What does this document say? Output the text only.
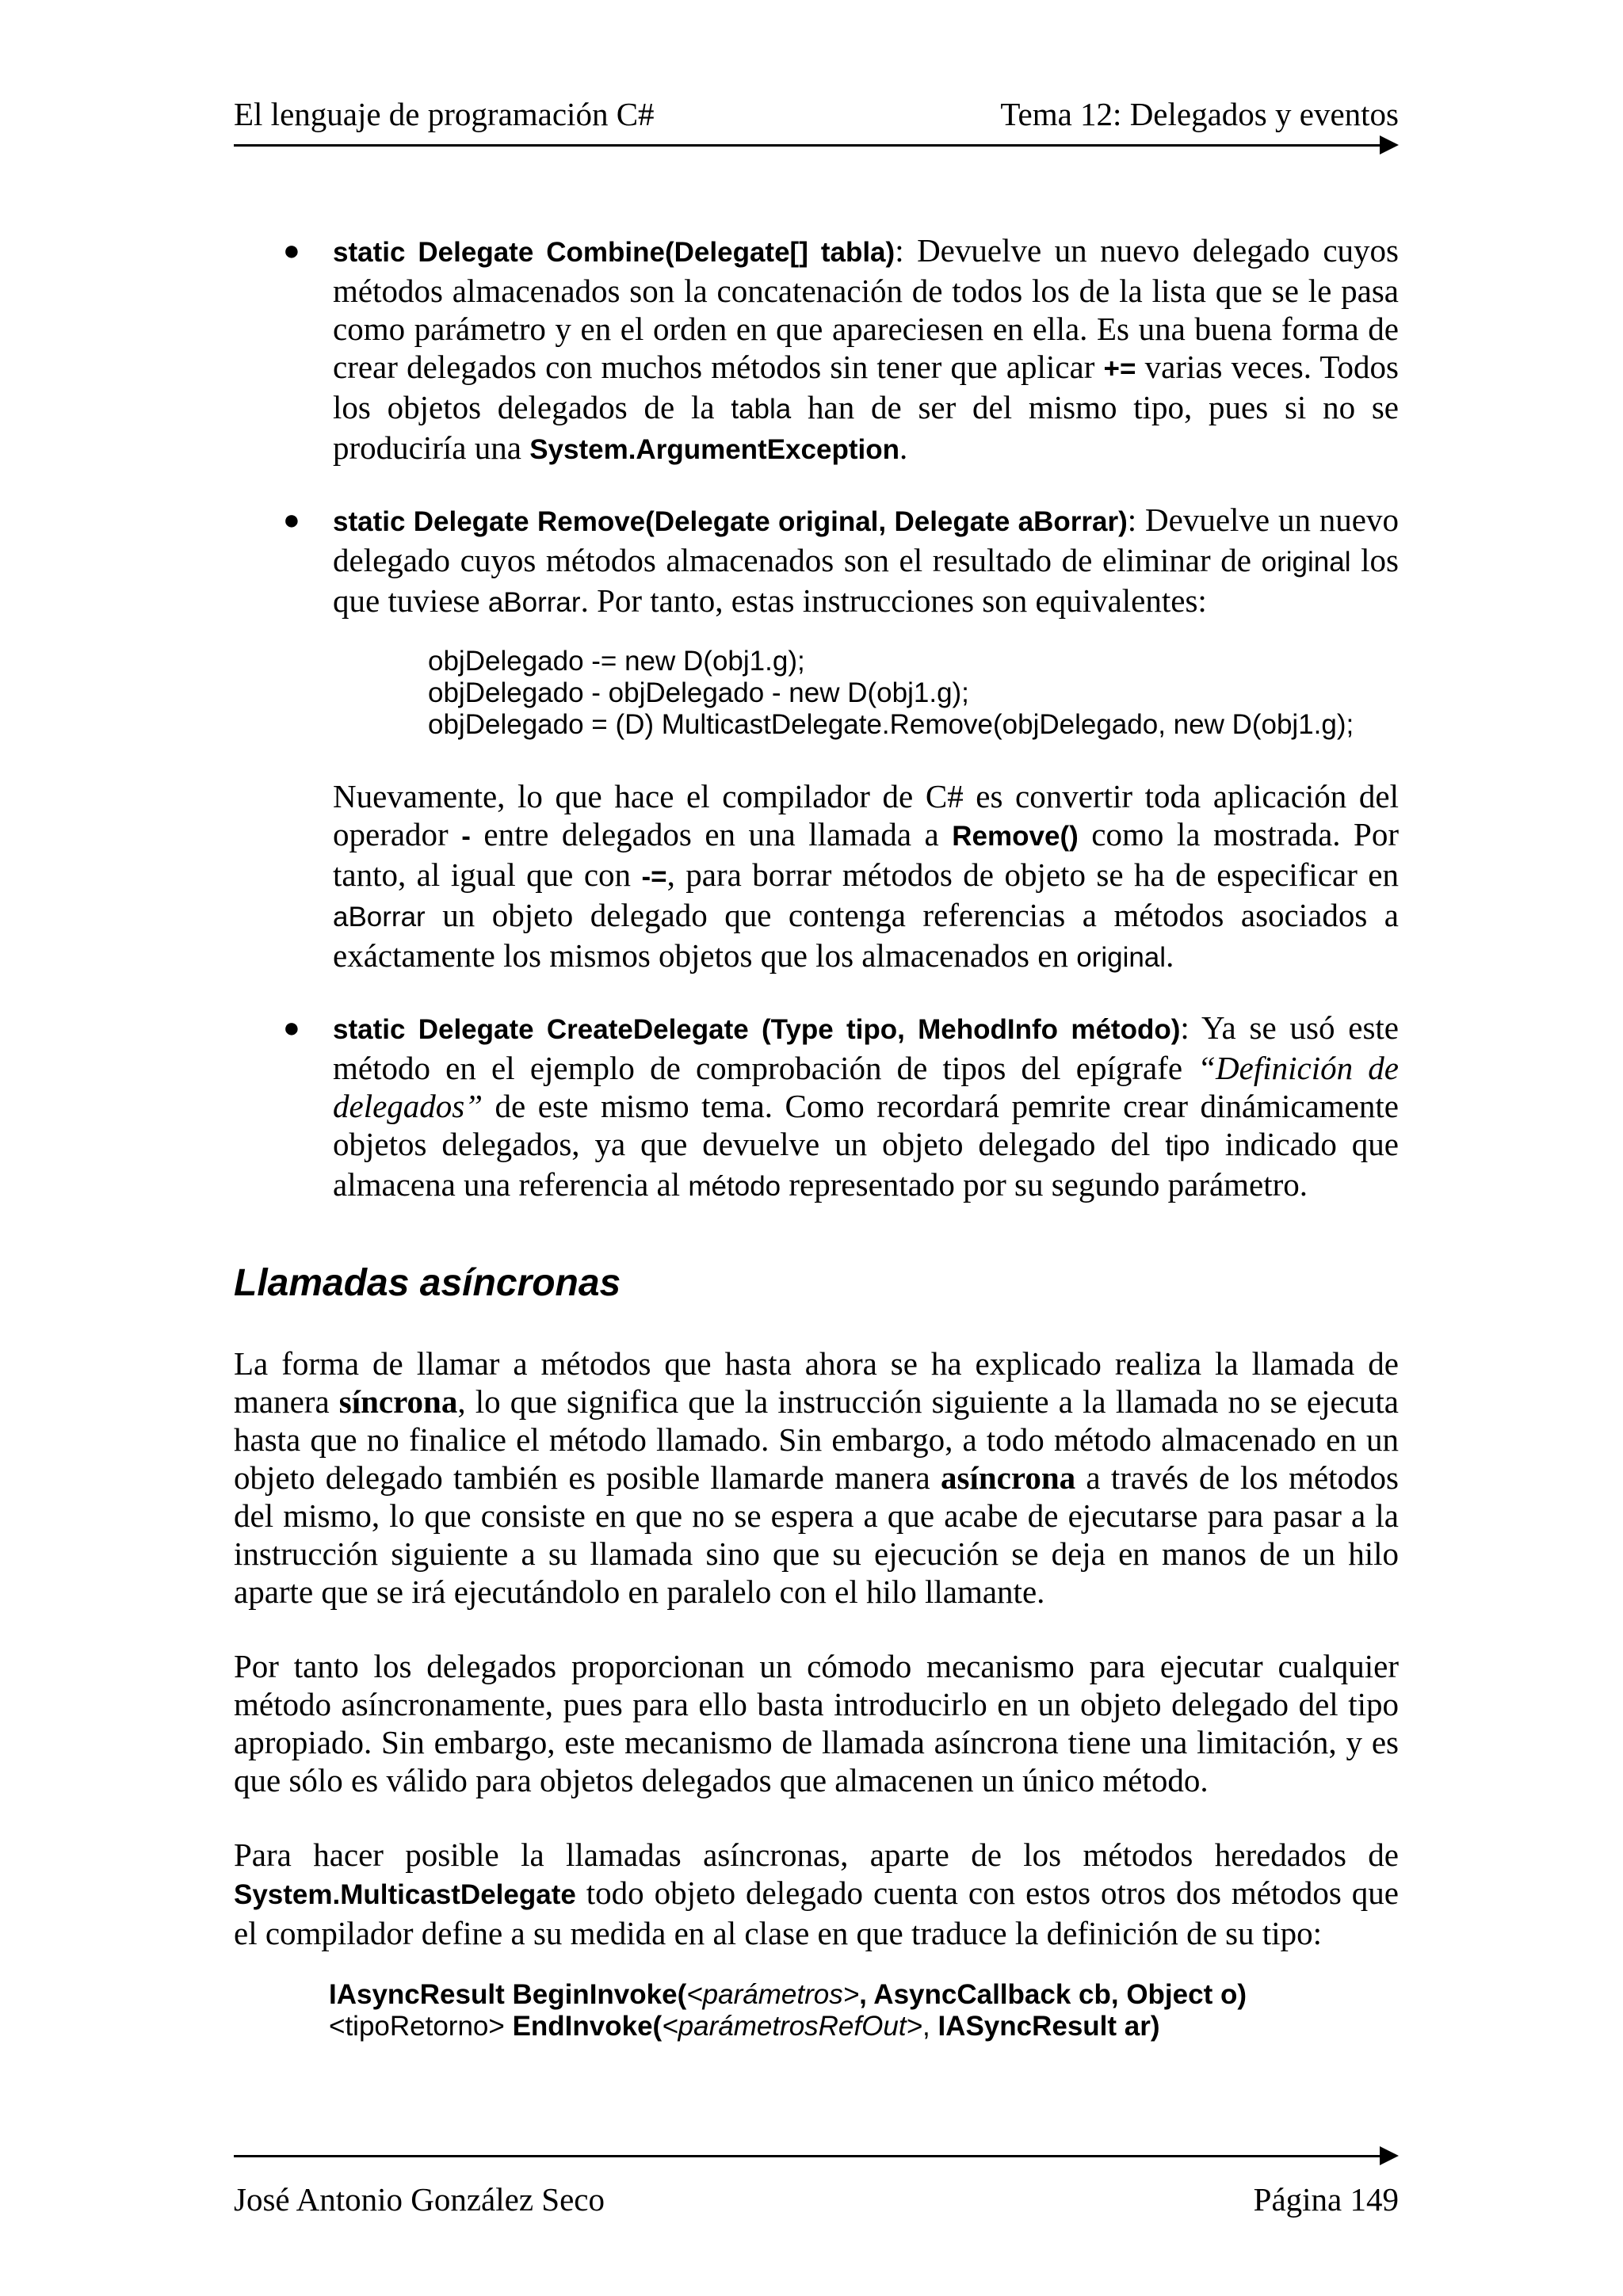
El lenguaje de programación C#	Tema 12: Delegados y eventos
● static Delegate Combine(Delegate[] tabla): Devuelve un nuevo delegado cuyos métodos almacenados son la concatenación de todos los de la lista que se le pasa como parámetro y en el orden en que apareciesen en ella. Es una buena forma de crear delegados con muchos métodos sin tener que aplicar += varias veces. Todos los objetos delegados de la tabla han de ser del mismo tipo, pues si no se produciría una System.ArgumentException.
● static Delegate Remove(Delegate original, Delegate aBorrar): Devuelve un nuevo delegado cuyos métodos almacenados son el resultado de eliminar de original los que tuviese aBorrar. Por tanto, estas instrucciones son equivalentes:
objDelegado -= new D(obj1.g);
objDelegado - objDelegado - new D(obj1.g);
objDelegado = (D) MulticastDelegate.Remove(objDelegado, new D(obj1.g);
Nuevamente, lo que hace el compilador de C# es convertir toda aplicación del operador - entre delegados en una llamada a Remove() como la mostrada. Por tanto, al igual que con -=, para borrar métodos de objeto se ha de especificar en aBorrar un objeto delegado que contenga referencias a métodos asociados a exáctamente los mismos objetos que los almacenados en original.
● static Delegate CreateDelegate (Type tipo, MehodInfo método): Ya se usó este método en el ejemplo de comprobación de tipos del epígrafe “Definición de delegados” de este mismo tema. Como recordará pemrite crear dinámicamente objetos delegados, ya que devuelve un objeto delegado del tipo indicado que almacena una referencia al método representado por su segundo parámetro.
Llamadas asíncronas
La forma de llamar a métodos que hasta ahora se ha explicado realiza la llamada de manera síncrona, lo que significa que la instrucción siguiente a la llamada no se ejecuta hasta que no finalice el método llamado. Sin embargo, a todo método almacenado en un objeto delegado también es posible llamarde manera asíncrona a través de los métodos del mismo, lo que consiste en que no se espera a que acabe de ejecutarse para pasar a la instrucción siguiente a su llamada sino que su ejecución se deja en manos de un hilo aparte que se irá ejecutándolo en paralelo con el hilo llamante.
Por tanto los delegados proporcionan un cómodo mecanismo para ejecutar cualquier método asíncronamente, pues para ello basta introducirlo en un objeto delegado del tipo apropiado. Sin embargo, este mecanismo de llamada asíncrona tiene una limitación, y es que sólo es válido para objetos delegados que almacenen un único método.
Para hacer posible la llamadas asíncronas, aparte de los métodos heredados de System.MulticastDelegate todo objeto delegado cuenta con estos otros dos métodos que el compilador define a su medida en al clase en que traduce la definición de su tipo:
IAsyncResult BeginInvoke(<parámetros>, AsyncCallback cb, Object o)
<tipoRetorno> EndInvoke(<parámetrosRefOut>, IASyncResult ar)
José Antonio González Seco	Página 149
